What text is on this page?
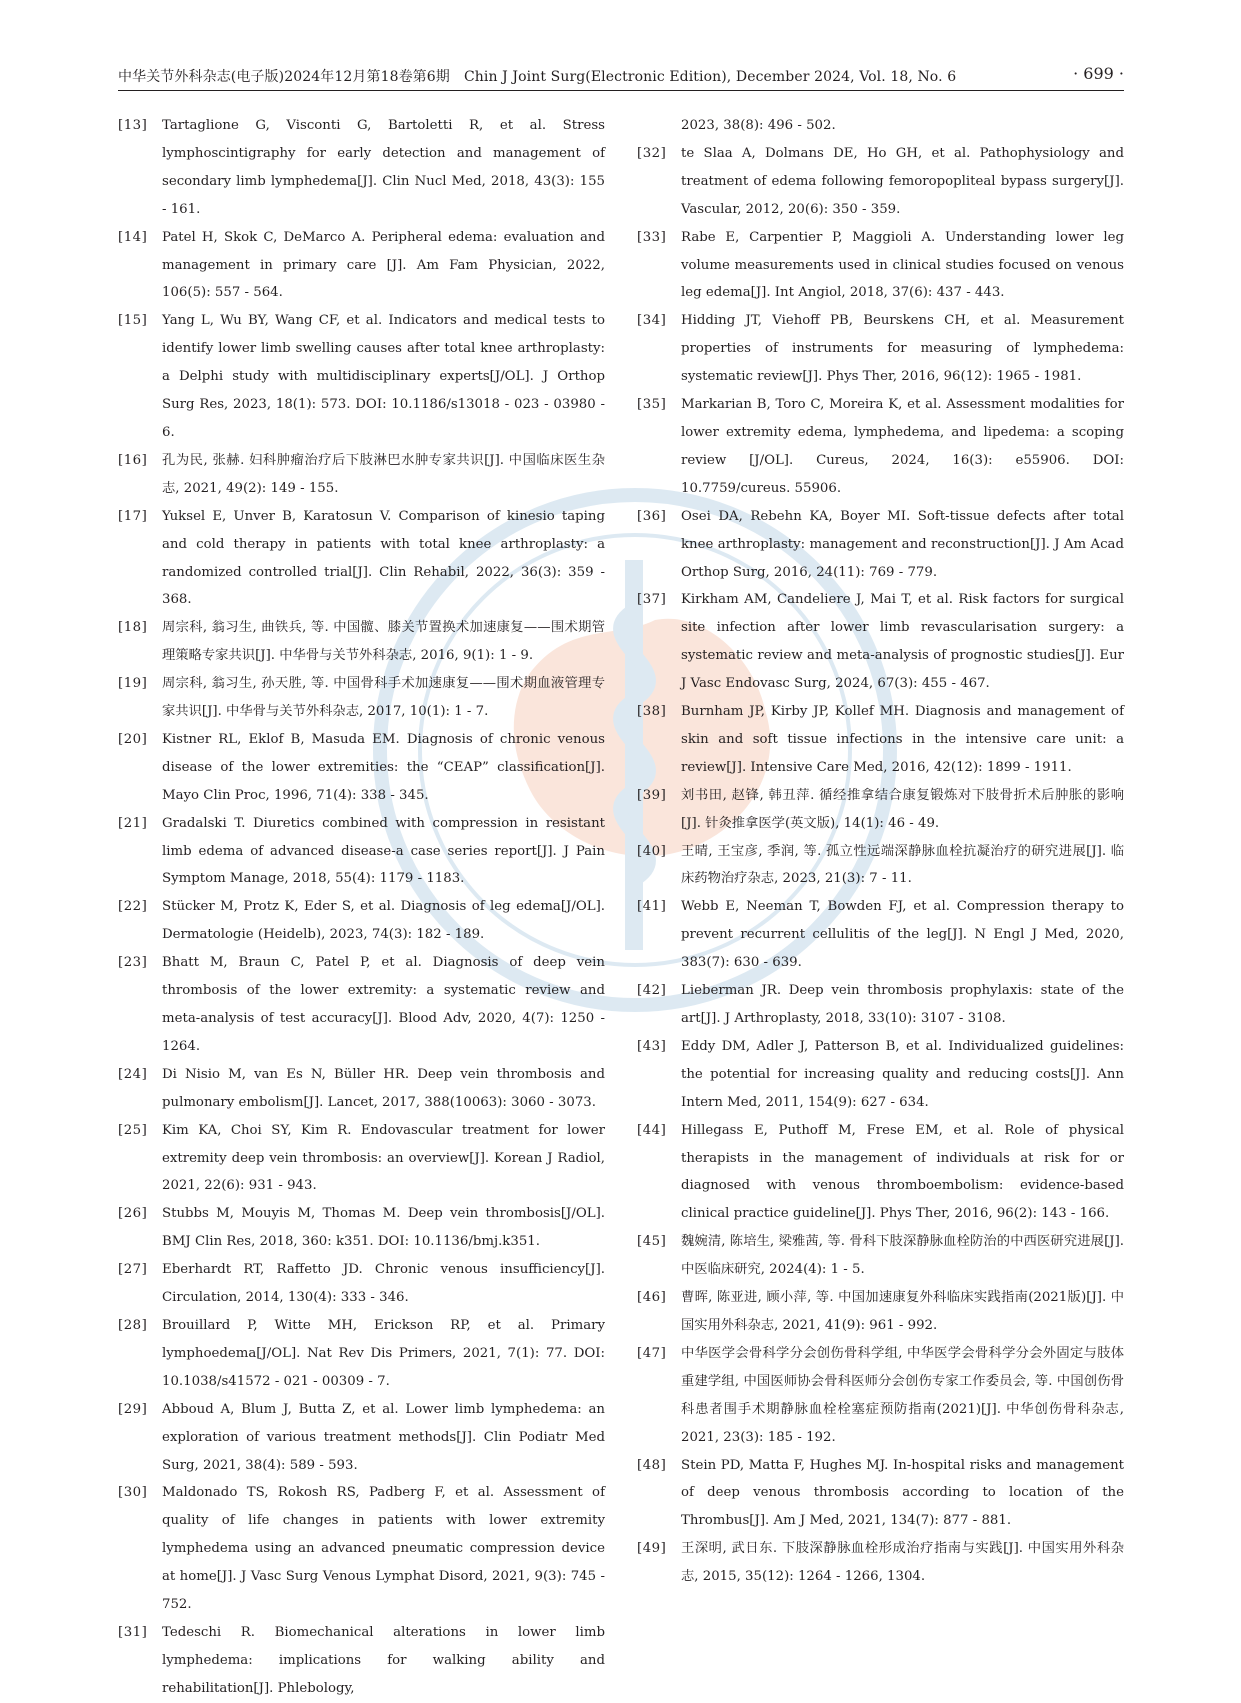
中华关节外科杂志(电子版)2024年12月第18卷第6期　Chin J Joint Surg(Electronic Edition), December 2024, Vol. 18, No. 6	· 699 ·
[13] Tartaglione G, Visconti G, Bartoletti R, et al. Stress lymphoscintigraphy for early detection and management of secondary limb lymphedema[J]. Clin Nucl Med, 2018, 43(3): 155 - 161.
[14] Patel H, Skok C, DeMarco A. Peripheral edema: evaluation and management in primary care [J]. Am Fam Physician, 2022, 106(5): 557 - 564.
[15] Yang L, Wu BY, Wang CF, et al. Indicators and medical tests to identify lower limb swelling causes after total knee arthroplasty: a Delphi study with multidisciplinary experts[J/OL]. J Orthop Surg Res, 2023, 18(1): 573. DOI: 10.1186/s13018 - 023 - 03980 - 6.
[16] 孔为民, 张赫. 妇科肿瘤治疗后下肢淋巴水肿专家共识[J]. 中国临床医生杂志, 2021, 49(2): 149 - 155.
[17] Yuksel E, Unver B, Karatosun V. Comparison of kinesio taping and cold therapy in patients with total knee arthroplasty: a randomized controlled trial[J]. Clin Rehabil, 2022, 36(3): 359 - 368.
[18] 周宗科, 翁习生, 曲铁兵, 等. 中国髋、膝关节置换术加速康复——围术期管理策略专家共识[J]. 中华骨与关节外科杂志, 2016, 9(1): 1 - 9.
[19] 周宗科, 翁习生, 孙天胜, 等. 中国骨科手术加速康复——围术期血液管理专家共识[J]. 中华骨与关节外科杂志, 2017, 10(1): 1 - 7.
[20] Kistner RL, Eklof B, Masuda EM. Diagnosis of chronic venous disease of the lower extremities: the “CEAP” classification[J]. Mayo Clin Proc, 1996, 71(4): 338 - 345.
[21] Gradalski T. Diuretics combined with compression in resistant limb edema of advanced disease-a case series report[J]. J Pain Symptom Manage, 2018, 55(4): 1179 - 1183.
[22] Stücker M, Protz K, Eder S, et al. Diagnosis of leg edema[J/OL]. Dermatologie (Heidelb), 2023, 74(3): 182 - 189.
[23] Bhatt M, Braun C, Patel P, et al. Diagnosis of deep vein thrombosis of the lower extremity: a systematic review and meta-analysis of test accuracy[J]. Blood Adv, 2020, 4(7): 1250 - 1264.
[24] Di Nisio M, van Es N, Büller HR. Deep vein thrombosis and pulmonary embolism[J]. Lancet, 2017, 388(10063): 3060 - 3073.
[25] Kim KA, Choi SY, Kim R. Endovascular treatment for lower extremity deep vein thrombosis: an overview[J]. Korean J Radiol, 2021, 22(6): 931 - 943.
[26] Stubbs M, Mouyis M, Thomas M. Deep vein thrombosis[J/OL]. BMJ Clin Res, 2018, 360: k351. DOI: 10.1136/bmj.k351.
[27] Eberhardt RT, Raffetto JD. Chronic venous insufficiency[J]. Circulation, 2014, 130(4): 333 - 346.
[28] Brouillard P, Witte MH, Erickson RP, et al. Primary lymphoedema[J/OL]. Nat Rev Dis Primers, 2021, 7(1): 77. DOI: 10.1038/s41572 - 021 - 00309 - 7.
[29] Abboud A, Blum J, Butta Z, et al. Lower limb lymphedema: an exploration of various treatment methods[J]. Clin Podiatr Med Surg, 2021, 38(4): 589 - 593.
[30] Maldonado TS, Rokosh RS, Padberg F, et al. Assessment of quality of life changes in patients with lower extremity lymphedema using an advanced pneumatic compression device at home[J]. J Vasc Surg Venous Lymphat Disord, 2021, 9(3): 745 - 752.
[31] Tedeschi R. Biomechanical alterations in lower limb lymphedema: implications for walking ability and rehabilitation[J]. Phlebology,
2023, 38(8): 496 - 502.
[32] te Slaa A, Dolmans DE, Ho GH, et al. Pathophysiology and treatment of edema following femoropopliteal bypass surgery[J]. Vascular, 2012, 20(6): 350 - 359.
[33] Rabe E, Carpentier P, Maggioli A. Understanding lower leg volume measurements used in clinical studies focused on venous leg edema[J]. Int Angiol, 2018, 37(6): 437 - 443.
[34] Hidding JT, Viehoff PB, Beurskens CH, et al. Measurement properties of instruments for measuring of lymphedema: systematic review[J]. Phys Ther, 2016, 96(12): 1965 - 1981.
[35] Markarian B, Toro C, Moreira K, et al. Assessment modalities for lower extremity edema, lymphedema, and lipedema: a scoping review [J/OL]. Cureus, 2024, 16(3): e55906. DOI: 10.7759/cureus. 55906.
[36] Osei DA, Rebehn KA, Boyer MI. Soft-tissue defects after total knee arthroplasty: management and reconstruction[J]. J Am Acad Orthop Surg, 2016, 24(11): 769 - 779.
[37] Kirkham AM, Candeliere J, Mai T, et al. Risk factors for surgical site infection after lower limb revascularisation surgery: a systematic review and meta-analysis of prognostic studies[J]. Eur J Vasc Endovasc Surg, 2024, 67(3): 455 - 467.
[38] Burnham JP, Kirby JP, Kollef MH. Diagnosis and management of skin and soft tissue infections in the intensive care unit: a review[J]. Intensive Care Med, 2016, 42(12): 1899 - 1911.
[39] 刘书田, 赵锋, 韩丑萍. 循经推拿结合康复锻炼对下肢骨折术后肿胀的影响[J]. 针灸推拿医学(英文版), 14(1): 46 - 49.
[40] 王晴, 王宝彦, 季润, 等. 孤立性远端深静脉血栓抗凝治疗的研究进展[J]. 临床药物治疗杂志, 2023, 21(3): 7 - 11.
[41] Webb E, Neeman T, Bowden FJ, et al. Compression therapy to prevent recurrent cellulitis of the leg[J]. N Engl J Med, 2020, 383(7): 630 - 639.
[42] Lieberman JR. Deep vein thrombosis prophylaxis: state of the art[J]. J Arthroplasty, 2018, 33(10): 3107 - 3108.
[43] Eddy DM, Adler J, Patterson B, et al. Individualized guidelines: the potential for increasing quality and reducing costs[J]. Ann Intern Med, 2011, 154(9): 627 - 634.
[44] Hillegass E, Puthoff M, Frese EM, et al. Role of physical therapists in the management of individuals at risk for or diagnosed with venous thromboembolism: evidence-based clinical practice guideline[J]. Phys Ther, 2016, 96(2): 143 - 166.
[45] 魏婉清, 陈培生, 梁雅茜, 等. 骨科下肢深静脉血栓防治的中西医研究进展[J]. 中医临床研究, 2024(4): 1 - 5.
[46] 曹晖, 陈亚进, 顾小萍, 等. 中国加速康复外科临床实践指南(2021版)[J]. 中国实用外科杂志, 2021, 41(9): 961 - 992.
[47] 中华医学会骨科学分会创伤骨科学组, 中华医学会骨科学分会外固定与肢体重建学组, 中国医师协会骨科医师分会创伤专家工作委员会, 等. 中国创伤骨科患者围手术期静脉血栓栓塞症预防指南(2021)[J]. 中华创伤骨科杂志, 2021, 23(3): 185 - 192.
[48] Stein PD, Matta F, Hughes MJ. In-hospital risks and management of deep venous thrombosis according to location of the Thrombus[J]. Am J Med, 2021, 134(7): 877 - 881.
[49] 王深明, 武日东. 下肢深静脉血栓形成治疗指南与实践[J]. 中国实用外科杂志, 2015, 35(12): 1264 - 1266, 1304.
